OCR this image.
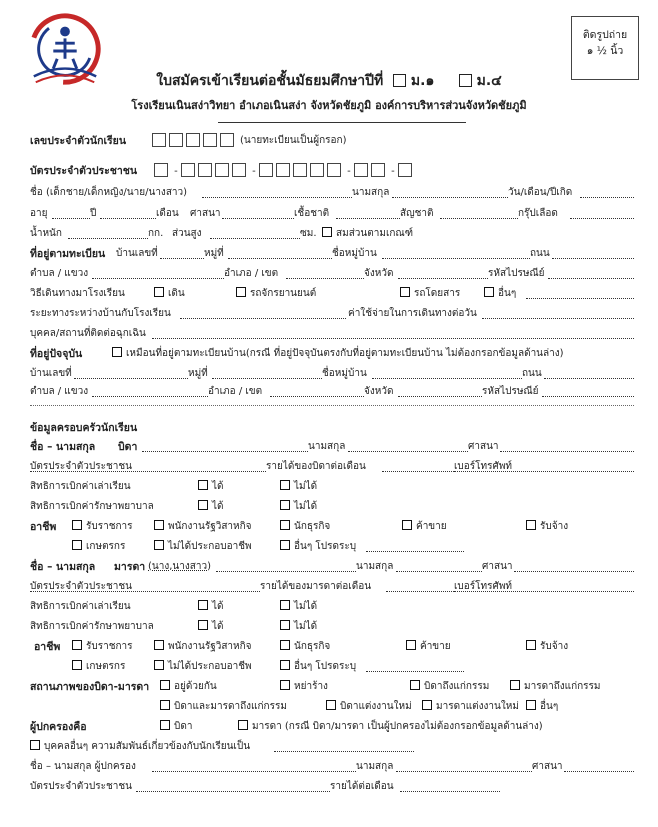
ติดรูปถ่าย
๑ ½ นิ้ว
ใบสมัครเข้าเรียนต่อชั้นมัธยมศึกษาปีที่ ม.๑	ม.๔
โรงเรียนเนินสง่าวิทยา อำเภอเนินสง่า จังหวัดชัยภูมิ องค์การบริหารส่วนจังหวัดชัยภูมิ
เลขประจำตัวนักเรียน	(นายทะเบียนเป็นผู้กรอก)
บัตรประจำตัวประชาชน	-	-	-	-
ชื่อ (เด็กชาย/เด็กหญิง/นาย/นางสาว)	นามสกุล	วัน/เดือน/ปีเกิด
อายุ	ปี	เดือน ศาสนา	เชื้อชาติ	สัญชาติ	กรุ๊ปเลือด
น้ำหนัก	กก. ส่วนสูง	ซม.	สมส่วนตามเกณฑ์
ที่อยู่ตามทะเบียน บ้านเลขที่	หมู่ที่	ชื่อหมู่บ้าน	ถนน
ตำบล / แขวง	อำเภอ / เขต	จังหวัด	รหัสไปรษณีย์
วิธีเดินทางมาโรงเรียน	เดิน	รถจักรยานยนต์	รถโดยสาร	อื่นๆ
ระยะทางระหว่างบ้านกับโรงเรียน	ค่าใช้จ่ายในการเดินทางต่อวัน
บุคคล/สถานที่ติดต่อฉุกเฉิน
ที่อยู่ปัจจุบัน	เหมือนที่อยู่ตามทะเบียนบ้าน(กรณี ที่อยู่ปัจจุบันตรงกับที่อยู่ตามทะเบียนบ้าน ไม่ต้องกรอกข้อมูลด้านล่าง)
บ้านเลขที่	หมู่ที่	ชื่อหมู่บ้าน	ถนน
ตำบล / แขวง	อำเภอ / เขต	จังหวัด	รหัสไปรษณีย์
ข้อมูลครอบครัวนักเรียน
ชื่อ – นามสกุล บิดา	นามสกุล	ศาสนา
บัตรประจำตัวประชาชน	รายได้ของบิดาต่อเดือน	เบอร์โทรศัพท์
สิทธิการเบิกค่าเล่าเรียน	ได้	ไม่ได้
สิทธิการเบิกค่ารักษาพยาบาล	ได้	ไม่ได้
อาชีพ	รับราชการ	พนักงานรัฐวิสาหกิจ	นักธุรกิจ	ค้าขาย	รับจ้าง
เกษตรกร	ไม่ได้ประกอบอาชีพ	อื่นๆ โปรดระบุ
ชื่อ – นามสกุล มารดา (นาง,นางสาว)	นามสกุล	ศาสนา
บัตรประจำตัวประชาชน	รายได้ของมารดาต่อเดือน	เบอร์โทรศัพท์
สิทธิการเบิกค่าเล่าเรียน	ได้	ไม่ได้
สิทธิการเบิกค่ารักษาพยาบาล	ได้	ไม่ได้
อาชีพ	รับราชการ	พนักงานรัฐวิสาหกิจ	นักธุรกิจ	ค้าขาย	รับจ้าง
เกษตรกร	ไม่ได้ประกอบอาชีพ	อื่นๆ โปรดระบุ
สถานภาพของบิดา-มารดา	อยู่ด้วยกัน	หย่าร้าง	บิดาถึงแก่กรรม	มารดาถึงแก่กรรม
บิดาและมารดาถึงแก่กรรม	บิดาแต่งงานใหม่	มารดาแต่งงานใหม่	อื่นๆ
ผู้ปกครองคือ	บิดา	มารดา (กรณี บิดา/มารดา เป็นผู้ปกครองไม่ต้องกรอกข้อมูลด้านล่าง)
บุคคลอื่นๆ ความสัมพันธ์เกี่ยวข้องกับนักเรียนเป็น
ชื่อ – นามสกุล ผู้ปกครอง	นามสกุล	ศาสนา
บัตรประจำตัวประชาชน	รายได้ต่อเดือน
